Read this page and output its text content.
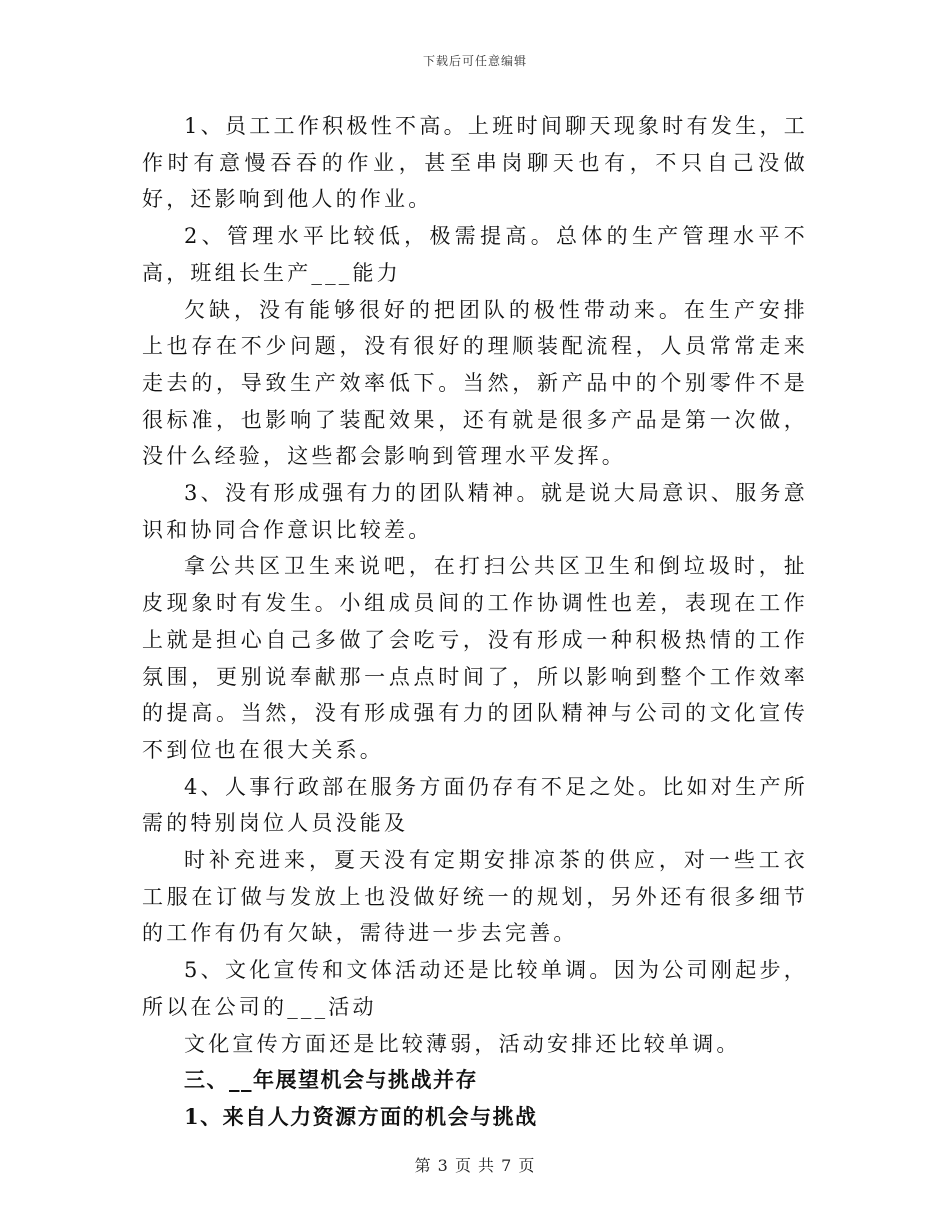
下载后可任意编辑

1、员工工作积极性不高。上班时间聊天现象时有发生，工作时有意慢吞吞的作业，甚至串岗聊天也有，不只自己没做好，还影响到他人的作业。

2、管理水平比较低，极需提高。总体的生产管理水平不高，班组长生产___能力

欠缺，没有能够很好的把团队的极性带动来。在生产安排上也存在不少问题，没有很好的理顺装配流程，人员常常走来走去的，导致生产效率低下。当然，新产品中的个别零件不是很标准，也影响了装配效果，还有就是很多产品是第一次做，没什么经验，这些都会影响到管理水平发挥。

3、没有形成强有力的团队精神。就是说大局意识、服务意识和协同合作意识比较差。

拿公共区卫生来说吧，在打扫公共区卫生和倒垃圾时，扯皮现象时有发生。小组成员间的工作协调性也差，表现在工作上就是担心自己多做了会吃亏，没有形成一种积极热情的工作氛围，更别说奉献那一点点时间了，所以影响到整个工作效率的提高。当然，没有形成强有力的团队精神与公司的文化宣传不到位也在很大关系。

4、人事行政部在服务方面仍存有不足之处。比如对生产所需的特别岗位人员没能及

时补充进来，夏天没有定期安排凉茶的供应，对一些工衣工服在订做与发放上也没做好统一的规划，另外还有很多细节的工作有仍有欠缺，需待进一步去完善。

5、文化宣传和文体活动还是比较单调。因为公司刚起步，所以在公司的___活动

文化宣传方面还是比较薄弱，活动安排还比较单调。

三、__年展望机会与挑战并存

1、来自人力资源方面的机会与挑战

第 3 页 共 7 页
